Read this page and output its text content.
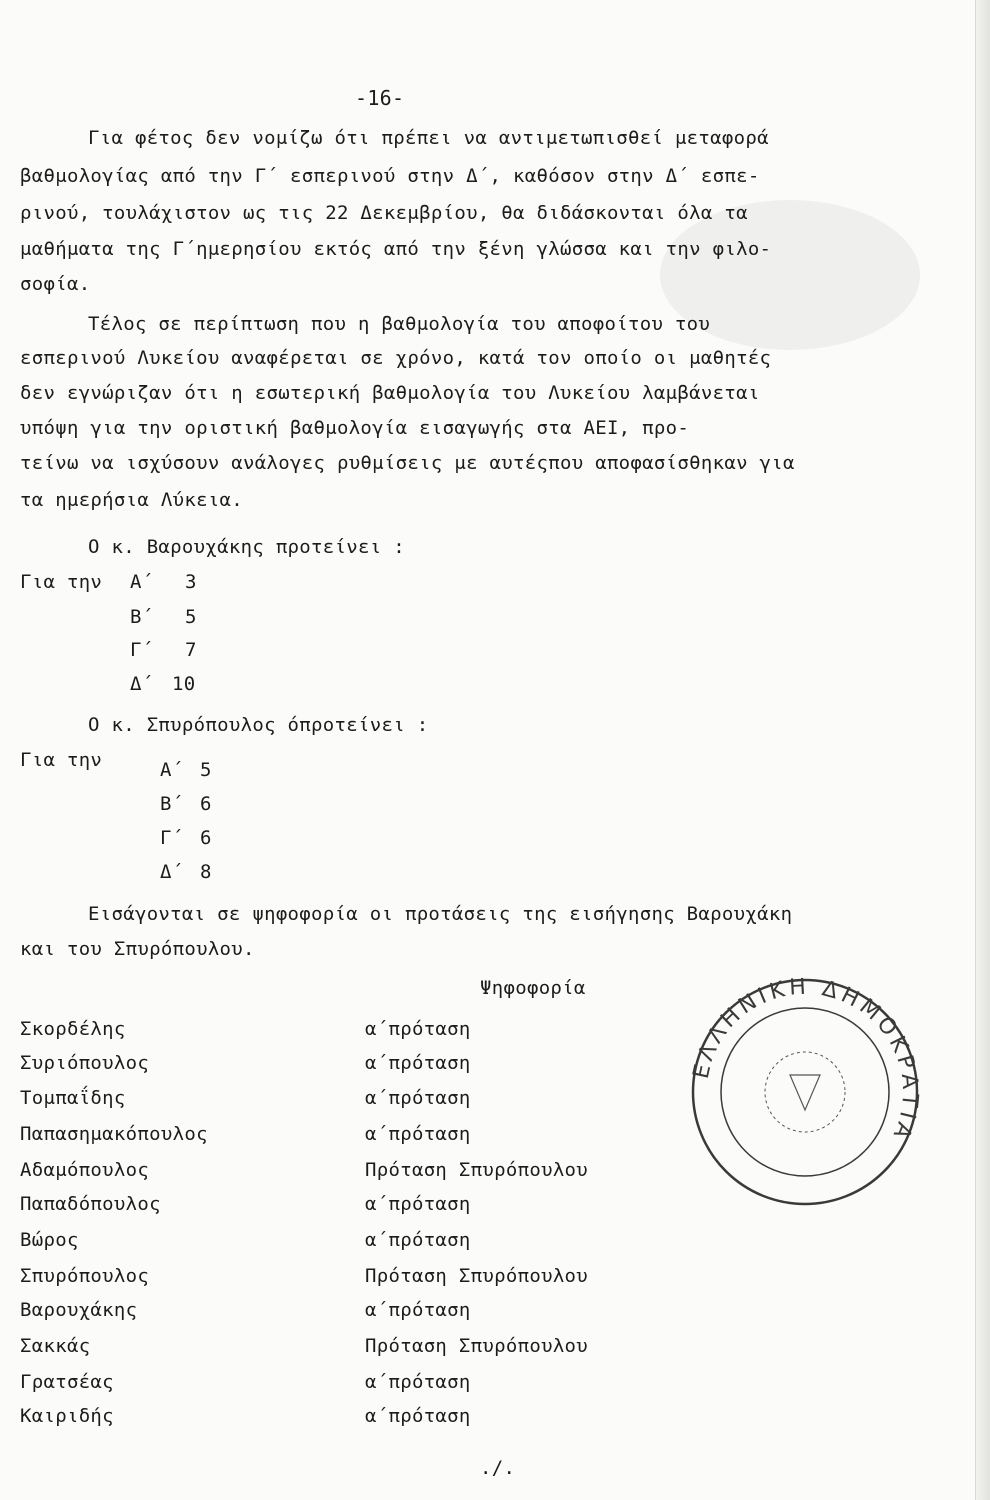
-16-
Για φέτος δεν νομίζω ότι πρέπει να αντιμετωπισθεί μεταφορά
βαθμολογίας από την Γ΄ εσπερινού στην Δ΄, καθόσον στην Δ΄ εσπε-
ρινού, τουλάχιστον ως τις 22 Δεκεμβρίου, θα διδάσκονται όλα τα
μαθήματα της Γ΄ημερησίου εκτός από την ξένη γλώσσα και την φιλο-
σοφία.
Τέλος σε περίπτωση που η βαθμολογία του αποφοίτου του
εσπερινού Λυκείου αναφέρεται σε χρόνο, κατά τον οποίο οι μαθητές
δεν εγνώριζαν ότι η εσωτερική βαθμολογία του Λυκείου λαμβάνεται
υπόψη για την οριστική βαθμολογία εισαγωγής στα ΑΕΙ, προ-
τείνω να ισχύσουν ανάλογες ρυθμίσεις με αυτέςπου αποφασίσθηκαν για
τα ημερήσια Λύκεια.
Ο κ. Βαρουχάκης προτείνει :
Για την Α΄ 3
Β΄ 5
Γ΄ 7
Δ΄ 10
Ο κ. Σπυρόπουλος όπροτείνει :
Για την	Α΄ 5
Β΄ 6
Γ΄ 6
Δ΄ 8
Εισάγονται σε ψηφοφορία οι προτάσεις της εισήγησης Βαρουχάκη
και του Σπυρόπουλου.
Ψηφοφορία
Σκορδέλης	α΄πρόταση
Συριόπουλος	α΄πρόταση
Τομπαΐδης	α΄πρόταση
Παπασημακόπουλος	α΄πρόταση
Αδαμόπουλος	Πρόταση Σπυρόπουλου
Παπαδόπουλος	α΄πρόταση
Βώρος	α΄πρόταση
Σπυρόπουλος	Πρόταση Σπυρόπουλου
Βαρουχάκης	α΄πρόταση
Σακκάς	Πρόταση Σπυρόπουλου
Γρατσέας	α΄πρόταση
Καιριδής	α΄πρόταση
./.
ΕΛΛΗΝΙΚΗ ΔΗΜΟΚΡΑΤΙΑ
